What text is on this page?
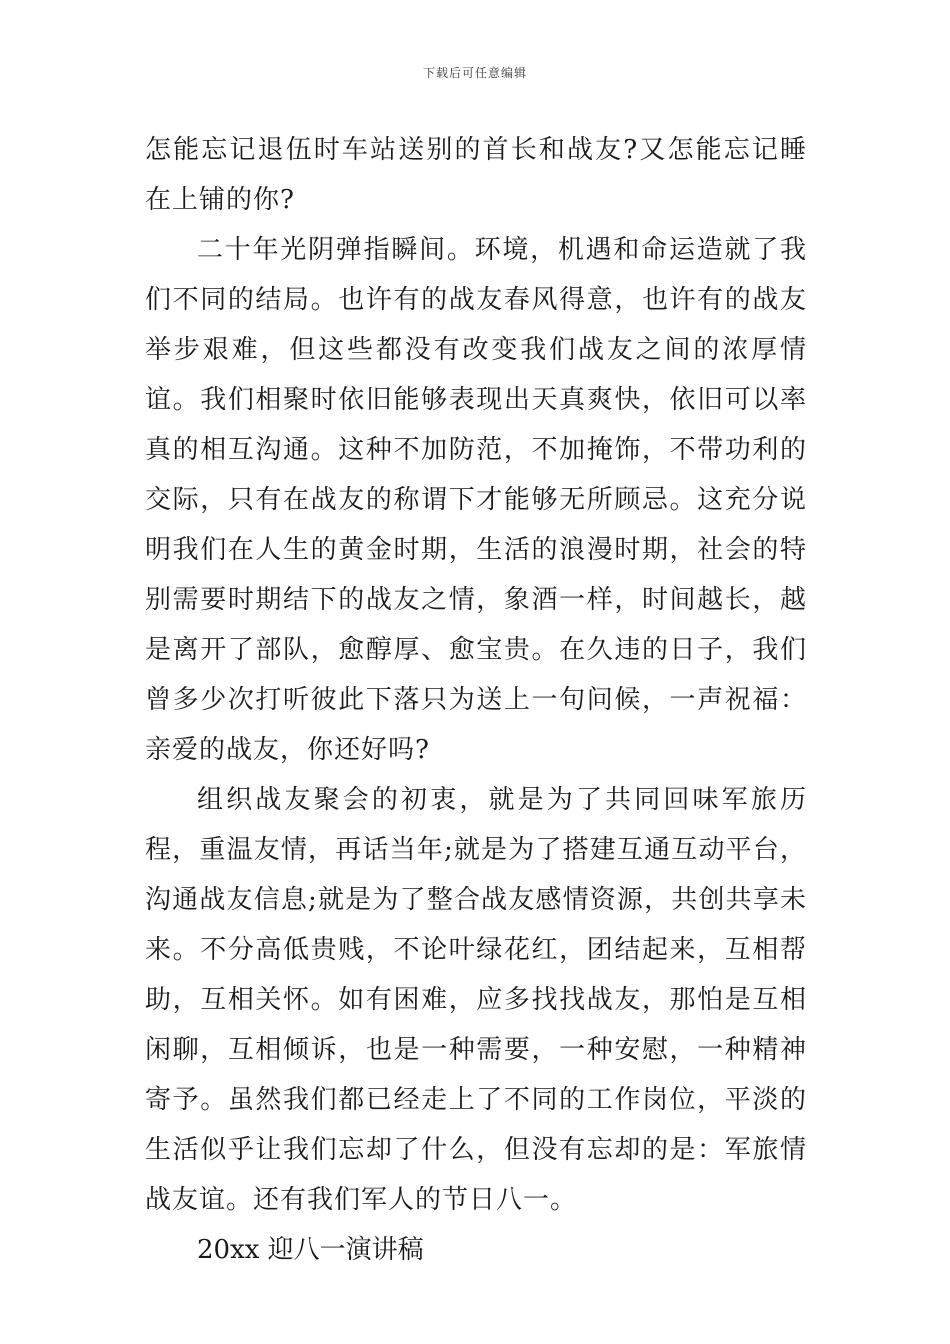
下载后可任意编辑

怎能忘记退伍时车站送别的首长和战友?又怎能忘记睡在上铺的你?

二十年光阴弹指瞬间。环境，机遇和命运造就了我们不同的结局。也许有的战友春风得意，也许有的战友举步艰难，但这些都没有改变我们战友之间的浓厚情谊。我们相聚时依旧能够表现出天真爽快，依旧可以率真的相互沟通。这种不加防范，不加掩饰，不带功利的交际，只有在战友的称谓下才能够无所顾忌。这充分说明我们在人生的黄金时期，生活的浪漫时期，社会的特别需要时期结下的战友之情，象酒一样，时间越长，越是离开了部队，愈醇厚、愈宝贵。在久违的日子，我们曾多少次打听彼此下落只为送上一句问候，一声祝福：亲爱的战友，你还好吗?

组织战友聚会的初衷，就是为了共同回味军旅历程，重温友情，再话当年;就是为了搭建互通互动平台，沟通战友信息;就是为了整合战友感情资源，共创共享未来。不分高低贵贱，不论叶绿花红，团结起来，互相帮助，互相关怀。如有困难，应多找找战友，那怕是互相闲聊，互相倾诉，也是一种需要，一种安慰，一种精神寄予。虽然我们都已经走上了不同的工作岗位，平淡的生活似乎让我们忘却了什么，但没有忘却的是：军旅情战友谊。还有我们军人的节日八一。

20xx 迎八一演讲稿
